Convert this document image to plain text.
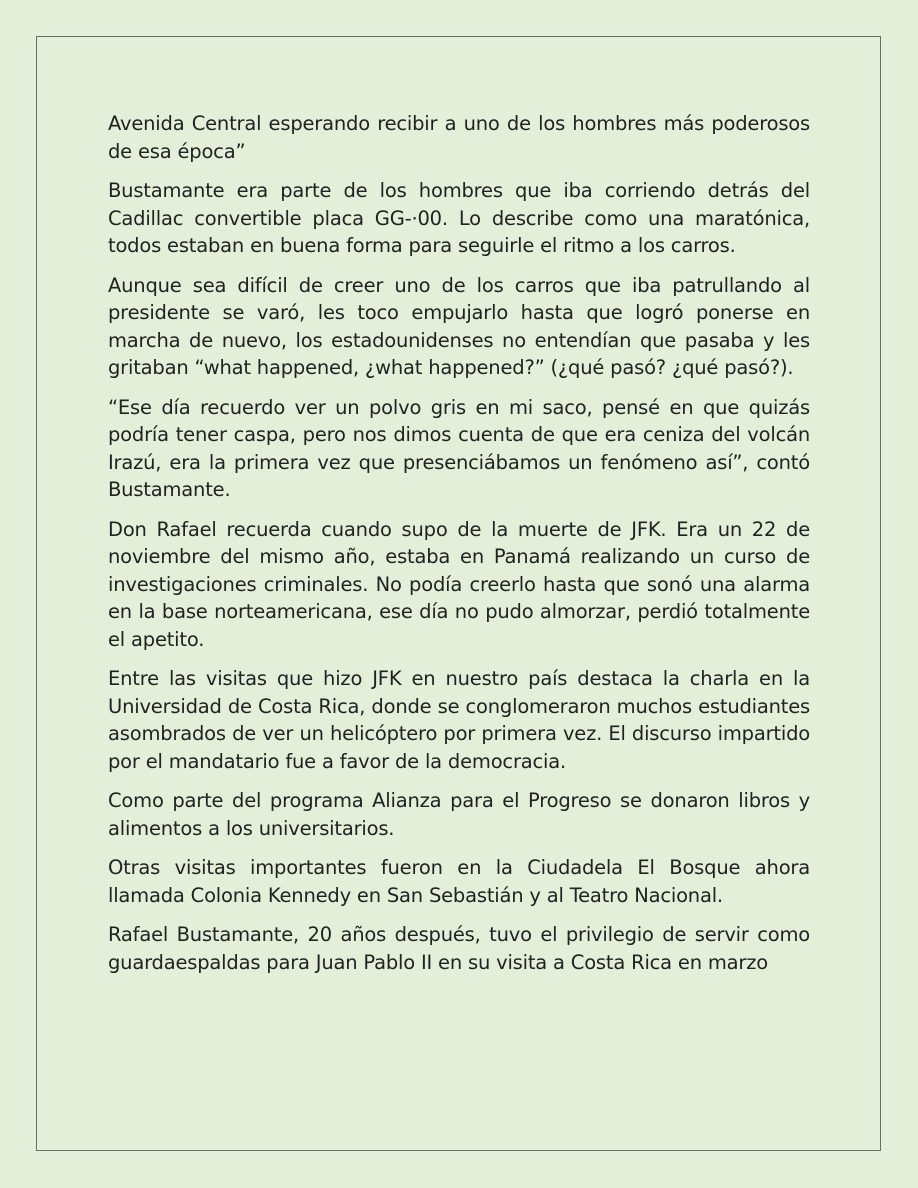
Avenida Central esperando recibir a uno de los hombres más poderosos de esa época”

Bustamante era parte de los hombres que iba corriendo detrás del Cadillac convertible placa GG-·00. Lo describe como una maratónica, todos estaban en buena forma para seguirle el ritmo a los carros.

Aunque sea difícil de creer uno de los carros que iba patrullando al presidente se varó, les toco empujarlo hasta que logró ponerse en marcha de nuevo, los estadounidenses no entendían que pasaba y les gritaban “what happened, ¿what happened?” (¿qué pasó? ¿qué pasó?).

“Ese día recuerdo ver un polvo gris en mi saco, pensé en que quizás podría tener caspa, pero nos dimos cuenta de que era ceniza del volcán Irazú, era la primera vez que presenciábamos un fenómeno así”, contó Bustamante.

Don Rafael recuerda cuando supo de la muerte de JFK. Era un 22 de noviembre del mismo año, estaba en Panamá realizando un curso de investigaciones criminales. No podía creerlo hasta que sonó una alarma en la base norteamericana, ese día no pudo almorzar, perdió totalmente el apetito.

Entre las visitas que hizo JFK en nuestro país destaca la charla en la Universidad de Costa Rica, donde se conglomeraron muchos estudiantes asombrados de ver un helicóptero por primera vez. El discurso impartido por el mandatario fue a favor de la democracia.

Como parte del programa Alianza para el Progreso se donaron libros y alimentos a los universitarios.

Otras visitas importantes fueron en la Ciudadela El Bosque ahora llamada Colonia Kennedy en San Sebastián y al Teatro Nacional.

Rafael Bustamante, 20 años después, tuvo el privilegio de servir como guardaespaldas para Juan Pablo II en su visita a Costa Rica en marzo
